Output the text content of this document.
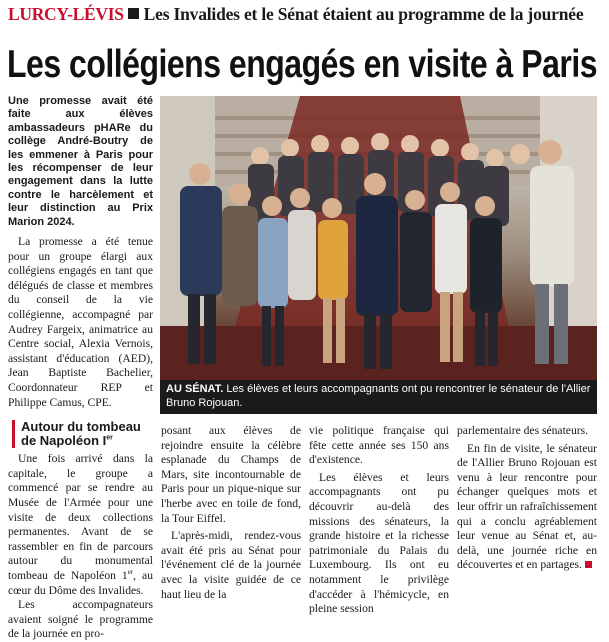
LURCY-LÉVIS Les Invalides et le Sénat étaient au programme de la journée
Les collégiens engagés en visite à Paris
Une promesse avait été faite aux élèves ambassadeurs pHARe du collège André-Boutry de les emmener à Paris pour les récompenser de leur engagement dans la lutte contre le harcèlement et leur distinction au Prix Marion 2024.

La promesse a été tenue pour un groupe élargi aux collégiens engagés en tant que délégués de classe et membres du conseil de la vie collégienne, accompagné par Audrey Fargeix, animatrice au Centre social, Alexia Vernois, assistant d'éducation (AED), Jean Baptiste Bachelier, Coordonnateur REP et Philippe Camus, CPE.

Autour du tombeau
de Napoléon Ier

Une fois arrivé dans la capitale, le groupe a commencé par se rendre au Musée de l'Armée pour une visite de deux collections permanentes. Avant de se rassembler en fin de parcours autour du monumental tombeau de Napoléon 1er, au cœur du Dôme des Invalides.

Les accompagnateurs avaient soigné le programme de la journée en pro-

AU SÉNAT. Les élèves et leurs accompagnants ont pu rencontrer le sénateur de l'Allier Bruno Rojouan.

posant aux élèves de rejoindre ensuite la célèbre esplanade du Champs de Mars, site incontournable de Paris pour un pique-nique sur l'herbe avec en toile de fond, la Tour Eiffel.

L'après-midi, rendez-vous avait été pris au Sénat pour l'événement clé de la journée avec la visite guidée de ce haut lieu de la

vie politique française qui fête cette année ses 150 ans d'existence.

Les élèves et leurs accompagnants ont pu découvrir au-delà des missions des sénateurs, la grande histoire et la richesse patrimoniale du Palais du Luxembourg. Ils ont eu notamment le privilège d'accéder à l'hémicycle, en pleine session

parlementaire des sénateurs.

En fin de visite, le sénateur de l'Allier Bruno Rojouan est venu à leur rencontre pour échanger quelques mots et leur offrir un rafraîchissement qui a conclu agréablement leur venue au Sénat et, au-delà, une journée riche en découvertes et en partages.
